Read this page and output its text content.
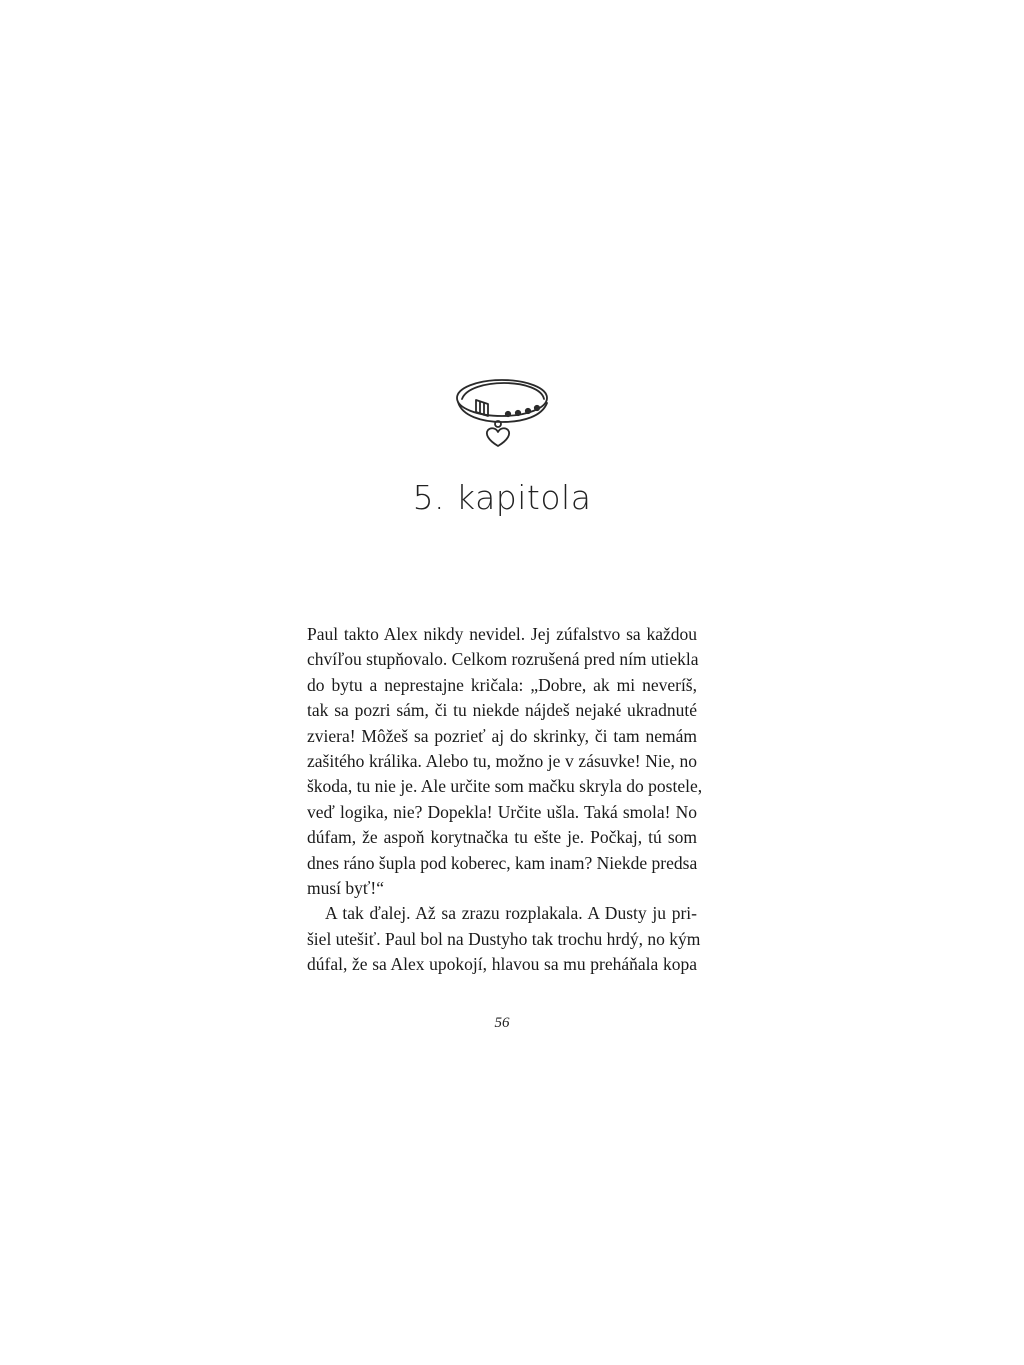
5. kapitola
Paul takto Alex nikdy nevidel. Jej zúfalstvo sa každou
chvíľou stupňovalo. Celkom rozrušená pred ním utiekla
do bytu a neprestajne kričala: „Dobre, ak mi neveríš,
tak sa pozri sám, či tu niekde nájdeš nejaké ukradnuté
zviera! Môžeš sa pozrieť aj do skrinky, či tam nemám
zašitého králika. Alebo tu, možno je v zásuvke! Nie, no
škoda, tu nie je. Ale určite som mačku skryla do postele,
veď logika, nie? Dopekla! Určite ušla. Taká smola! No
dúfam, že aspoň korytnačka tu ešte je. Počkaj, tú som
dnes ráno šupla pod koberec, kam inam? Niekde predsa
musí byť!“
A tak ďalej. Až sa zrazu rozplakala. A Dusty ju pri-
šiel utešiť. Paul bol na Dustyho tak trochu hrdý, no kým
dúfal, že sa Alex upokojí, hlavou sa mu preháňala kopa
56
